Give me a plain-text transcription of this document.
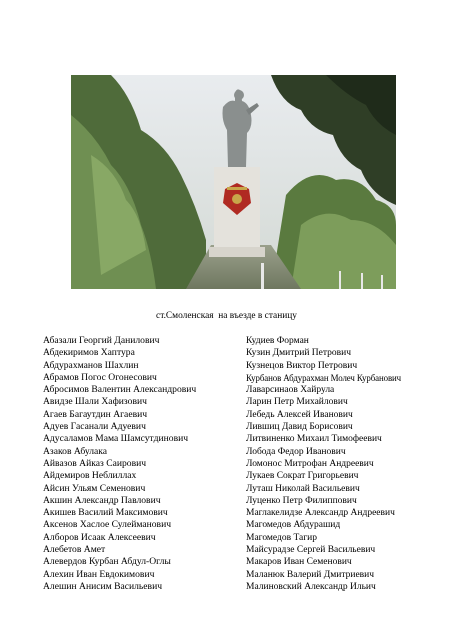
ст.Смоленская  на въезде в станицу
Абазали Георгий Данилович
Абдекиримов Хаптура
Абдурахманов Шахлин
Абрамов Погос Огонесович
Абросимов Валентин Александрович
Авидзе Шали Хафизович
Агаев Багаутдин Агаевич
Адуев Гасанали Адуевич
Адусаламов Мама Шамсутдинович
Азаков Абулака
Айвазов Айказ Саирович
Айдемиров Неблиллах
Айсин Ульям Семенович
Акшин Александр Павлович
Акишев Василий Максимович
Аксенов Хаслое Сулейманович
Алборов Исаак Алексеевич
Алебетов Амет
Алевердов Курбан Абдул-Оглы
Алехин Иван Евдокимович
Алешин Анисим Васильевич
Кудиев Форман
Кузин Дмитрий Петрович
Кузнецов Виктор Петрович
Курбанов Абдурахман Молеч Курбанович
Лаварсинаов Хайрула
Ларин Петр Михайлович
Лебедь Алексей Иванович
Лившиц Давид Борисович
Литвиненко Михаил Тимофеевич
Лобода Федор Иванович
Ломонос Митрофан Андреевич
Лукаев Сократ Григорьевич
Луташ Николай Васильевич
Луценко Петр Филиппович
Маглакелидзе Александр Андреевич
Магомедов Абдурашид
Магомедов Тагир
Майсурадзе Сергей Васильевич
Макаров Иван Семенович
Маланюк Валерий Дмитриевич
Малиновский Александр Ильич
